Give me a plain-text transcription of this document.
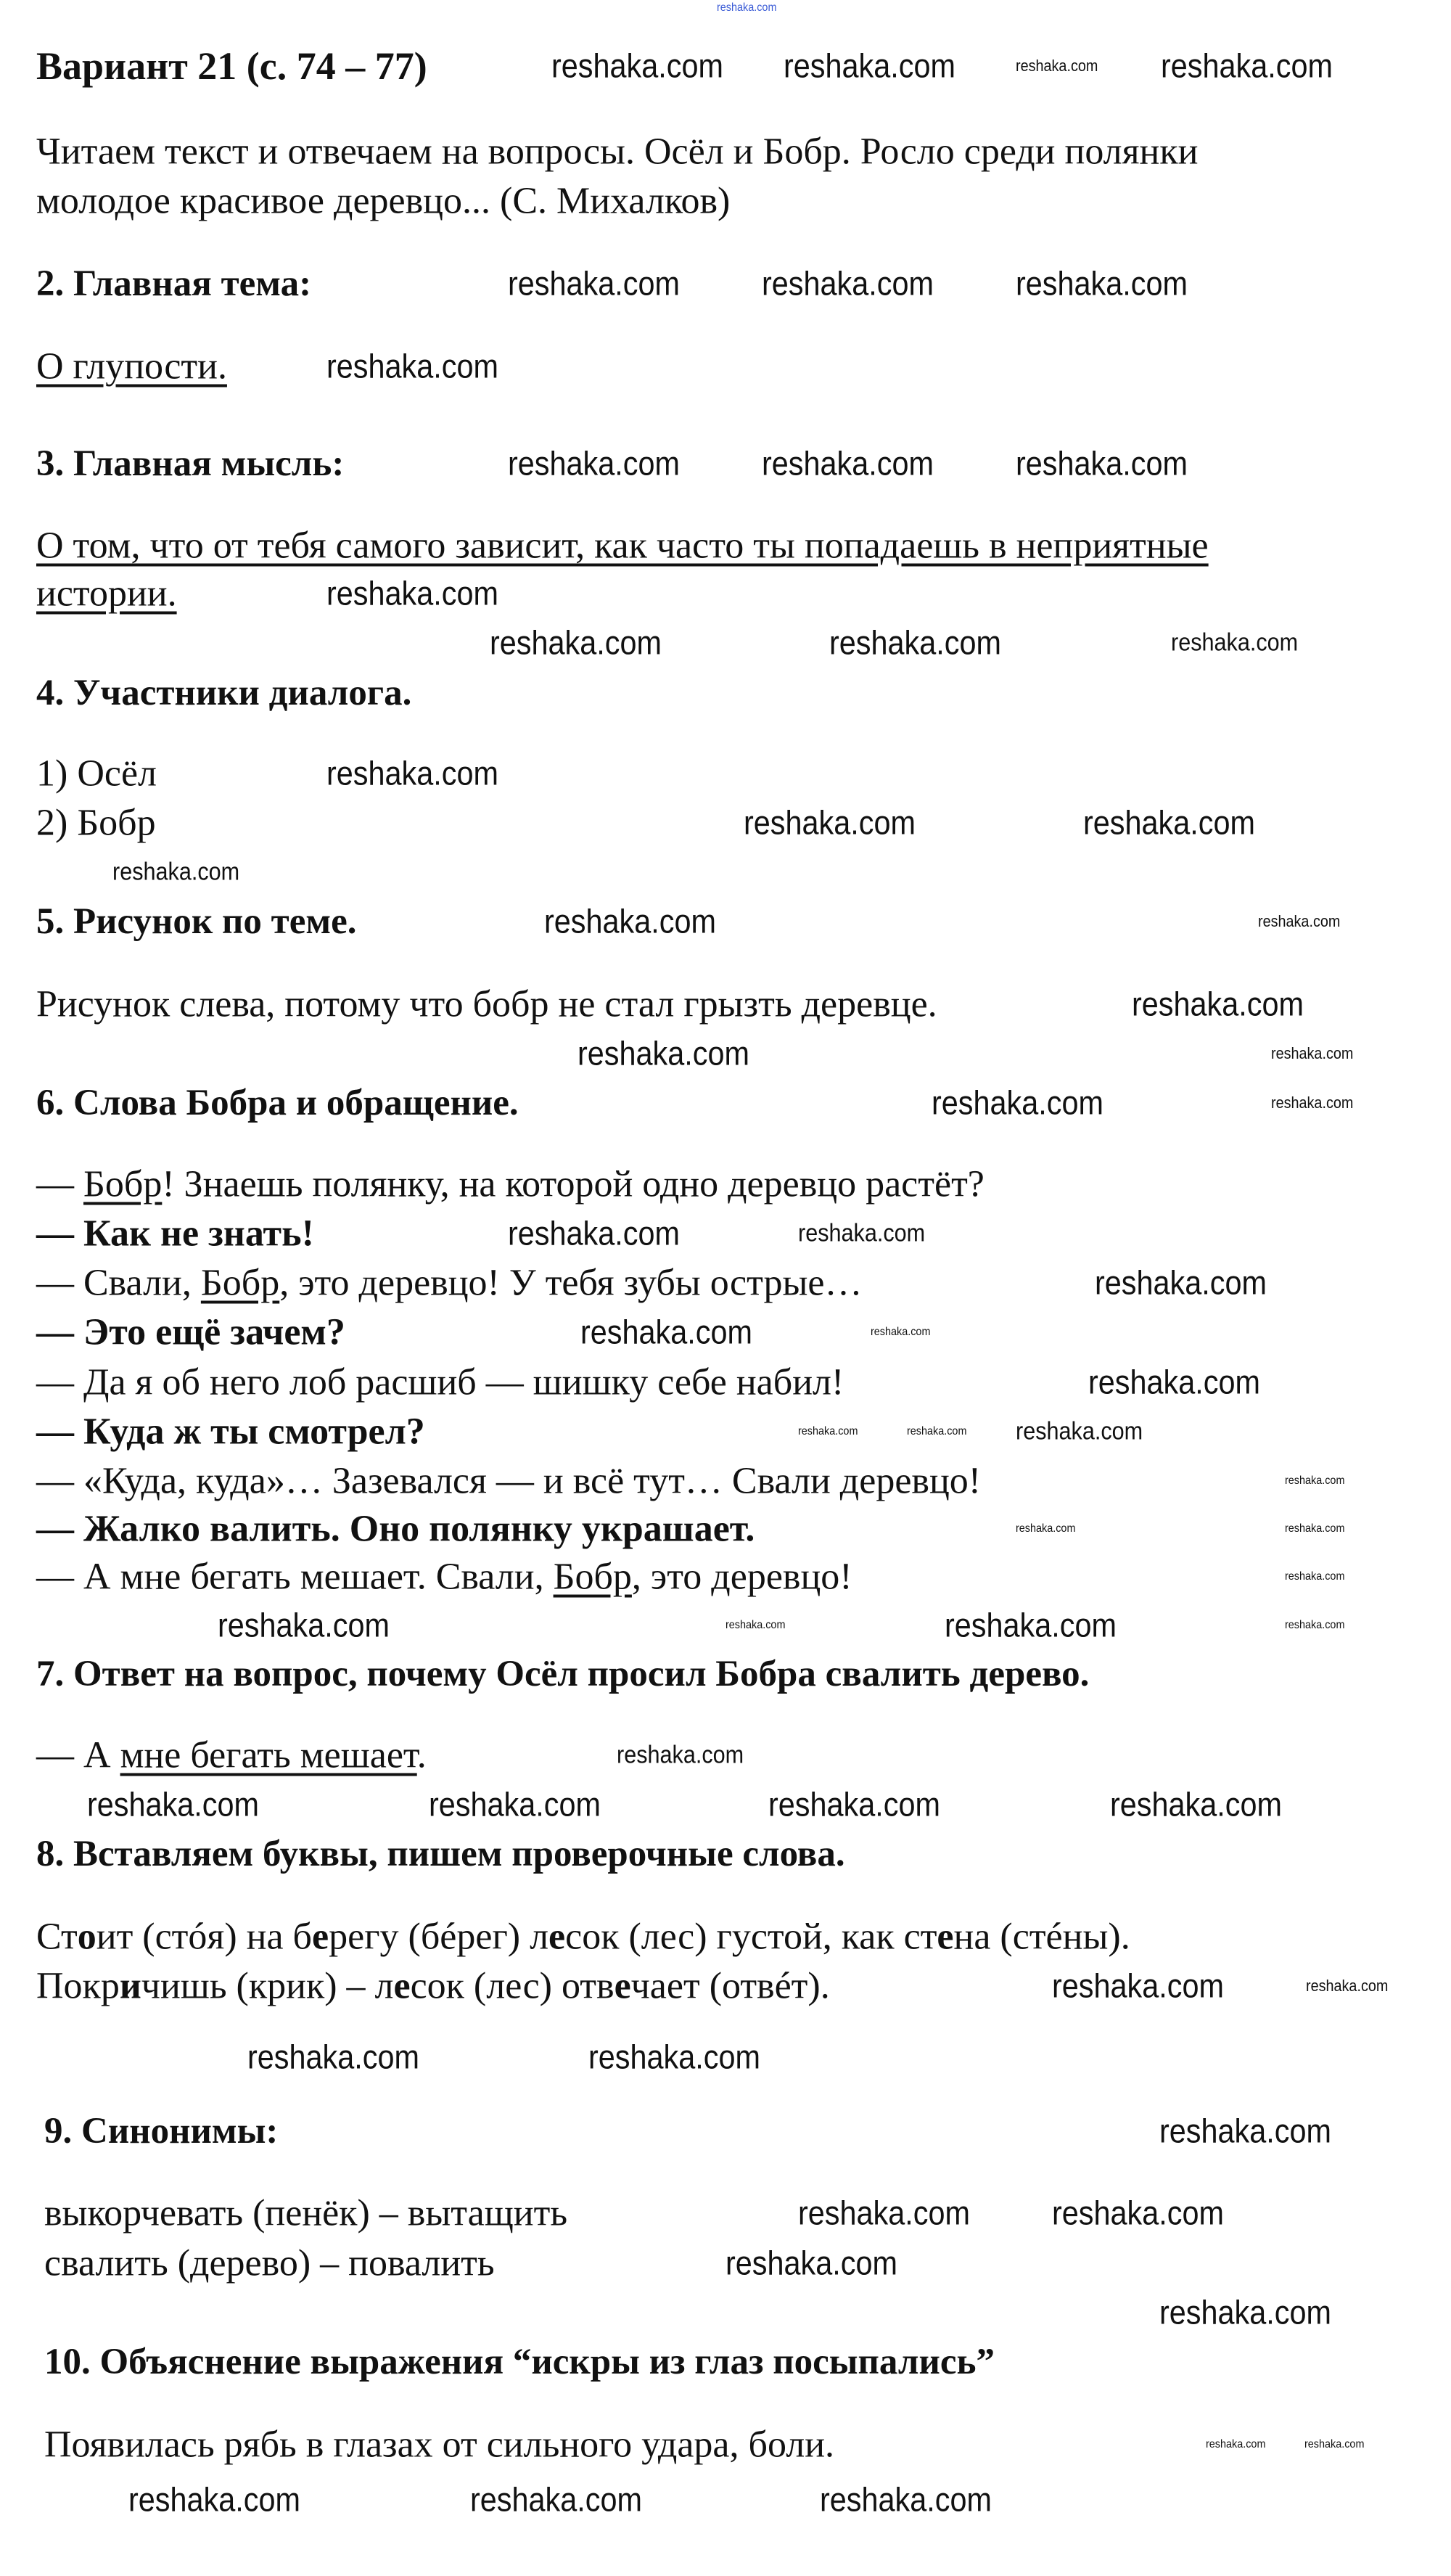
reshaka.com
reshaka.com reshaka.com	reshaka.com reshaka.com
reshaka.com reshaka.com reshaka.com
reshaka.com
reshaka.com reshaka.com reshaka.com
reshaka.com
reshaka.com	reshaka.com	reshaka.com
reshaka.com
reshaka.com	reshaka.com
reshaka.com
reshaka.com
reshaka.com
reshaka.com
reshaka.com
reshaka.com
reshaka.com
reshaka.com
reshaka.com
reshaka.com
reshaka.com
reshaka.com
reshaka.com	reshaka.com
reshaka.com
reshaka.com
reshaka.com
reshaka.com
reshaka.com
reshaka.com
reshaka.com
reshaka.com
reshaka.com
reshaka.com	reshaka.com
reshaka.com
reshaka.com	reshaka.com	reshaka.com
reshaka.com
reshaka.com
reshaka.com
reshaka.com	reshaka.com
reshaka.com
reshaka.com
reshaka.com reshaka.com
reshaka.com
reshaka.com	reshaka.com	reshaka.com
reshaka.com	reshaka.com
Вариант 21 (с. 74 – 77)
Читаем текст и отвечаем на вопросы. Осёл и Бобр. Росло среди полянки
молодое красивое деревцо... (С. Михалков)
2. Главная тема:
О глупости.
3. Главная мысль:
О том, что от тебя самого зависит, как часто ты попадаешь в неприятные
истории.
4. Участники диалога.
1) Осёл
2) Бобр
5. Рисунок по теме.
Рисунок слева, потому что бобр не стал грызть деревце.
6. Слова Бобра и обращение.
— Бобр! Знаешь полянку, на которой одно деревцо растёт?
— Как не знать!
— Свали, Бобр, это деревцо! У тебя зубы острые…
— Это ещё зачем?
— Да я об него лоб расшиб — шишку себе набил!
— Куда ж ты смотрел?
— «Куда, куда»… Зазевался — и всё тут… Свали деревцо!
— Жалко валить. Оно полянку украшает.
— А мне бегать мешает. Свали, Бобр, это деревцо!
7. Ответ на вопрос, почему Осёл просил Бобра свалить дерево.
— А мне бегать мешает.
8. Вставляем буквы, пишем проверочные слова.
Стоит (стóя) на берегу (бéрег) лесок (лес) густой, как стена (стéны).
Покричишь (крик) – лесок (лес) отвечает (отвéт).
9. Синонимы:
выкорчевать (пенёк) – вытащить
свалить (дерево) – повалить
10. Объяснение выражения “искры из глаз посыпались”
Появилась рябь в глазах от сильного удара, боли.
